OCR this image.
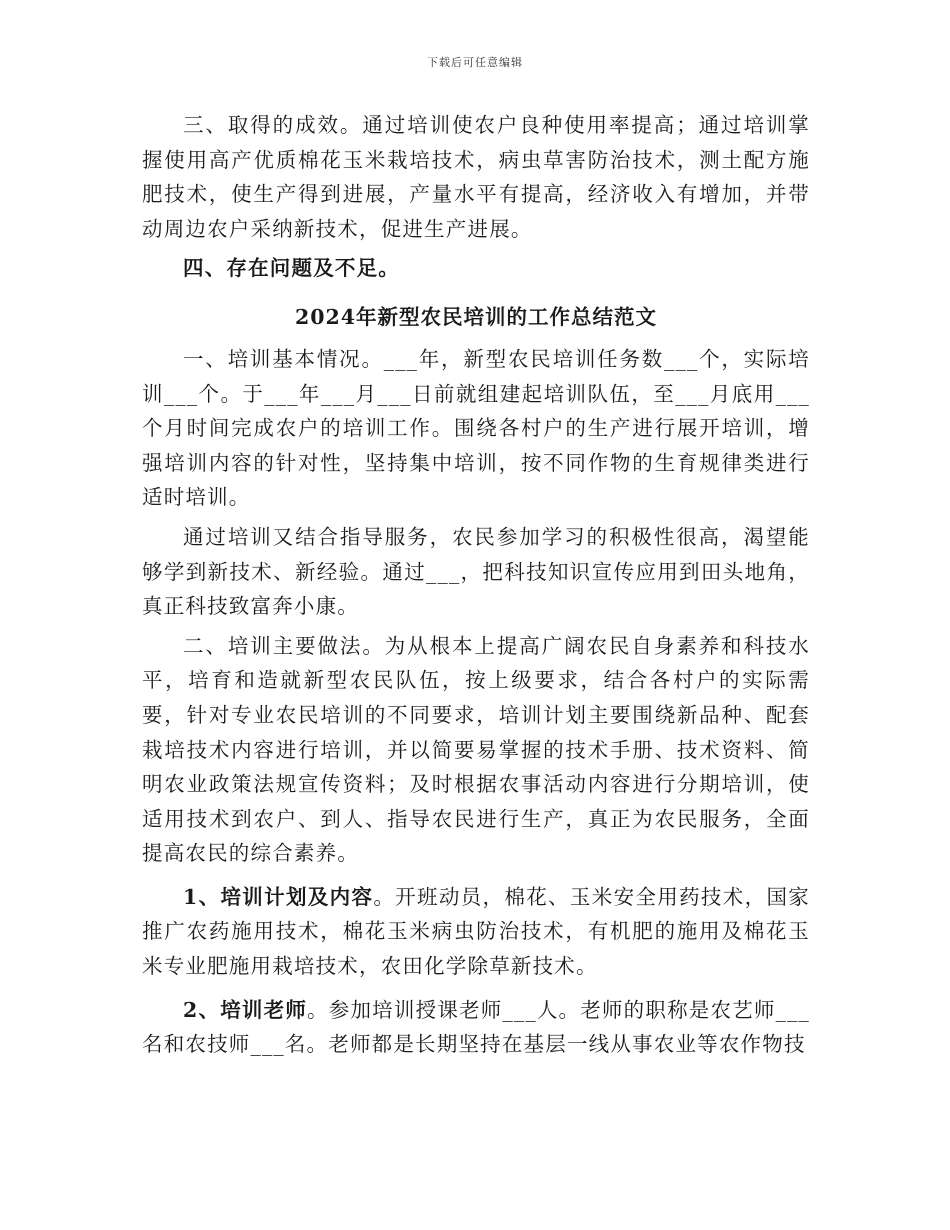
下载后可任意编辑

三、取得的成效。通过培训使农户良种使用率提高；通过培训掌握使用高产优质棉花玉米栽培技术，病虫草害防治技术，测土配方施肥技术，使生产得到进展，产量水平有提高，经济收入有增加，并带动周边农户采纳新技术，促进生产进展。

四、存在问题及不足。

2024年新型农民培训的工作总结范文

一、培训基本情况。___年，新型农民培训任务数___个，实际培训___个。于___年___月___日前就组建起培训队伍，至___月底用___个月时间完成农户的培训工作。围绕各村户的生产进行展开培训，增强培训内容的针对性，坚持集中培训，按不同作物的生育规律类进行适时培训。

通过培训又结合指导服务，农民参加学习的积极性很高，渴望能够学到新技术、新经验。通过___，把科技知识宣传应用到田头地角，真正科技致富奔小康。

二、培训主要做法。为从根本上提高广阔农民自身素养和科技水平，培育和造就新型农民队伍，按上级要求，结合各村户的实际需要，针对专业农民培训的不同要求，培训计划主要围绕新品种、配套栽培技术内容进行培训，并以简要易掌握的技术手册、技术资料、简明农业政策法规宣传资料；及时根据农事活动内容进行分期培训，使适用技术到农户、到人、指导农民进行生产，真正为农民服务，全面提高农民的综合素养。

1、培训计划及内容。开班动员，棉花、玉米安全用药技术，国家推广农药施用技术，棉花玉米病虫防治技术，有机肥的施用及棉花玉米专业肥施用栽培技术，农田化学除草新技术。

2、培训老师。参加培训授课老师___人。老师的职称是农艺师___名和农技师___名。老师都是长期坚持在基层一线从事农业等农作物技
